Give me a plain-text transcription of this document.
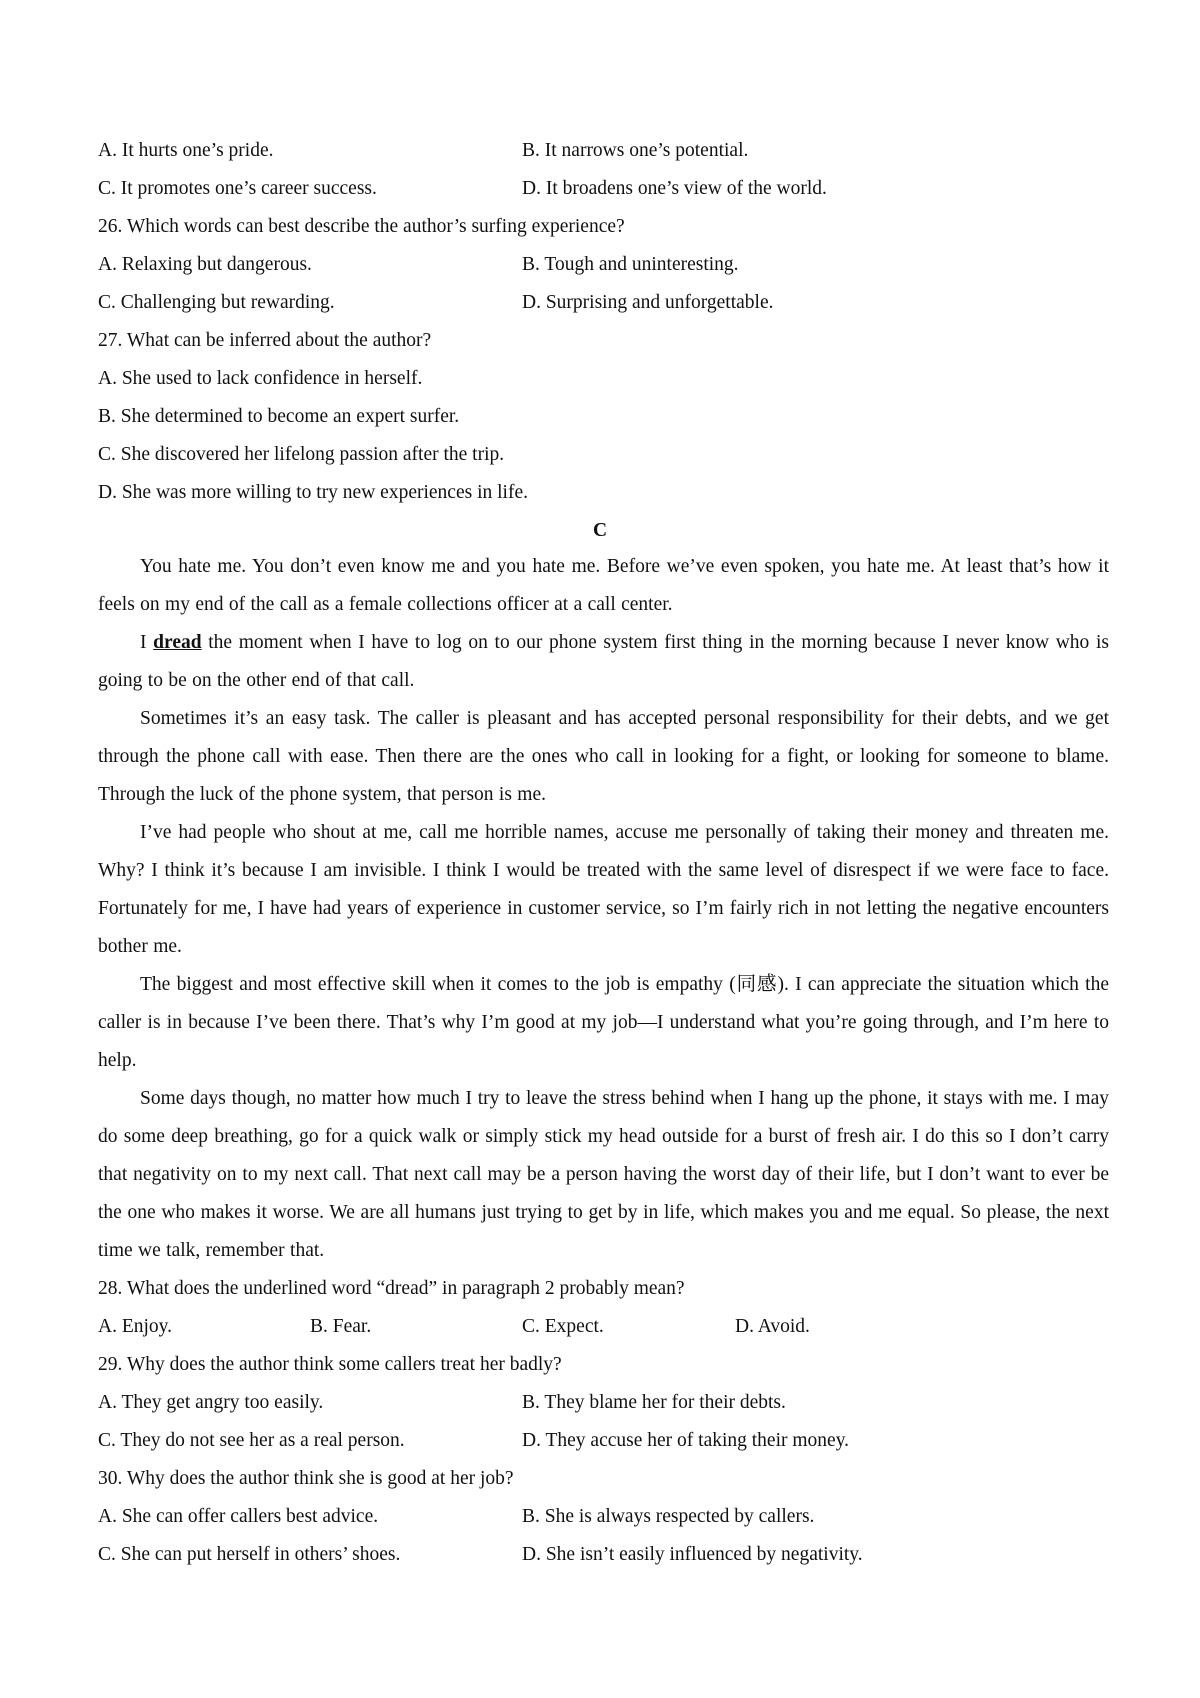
A. It hurts one’s pride.	B. It narrows one’s potential.
C. It promotes one’s career success.	D. It broadens one’s view of the world.
26. Which words can best describe the author’s surfing experience?
A. Relaxing but dangerous.	B. Tough and uninteresting.
C. Challenging but rewarding.	D. Surprising and unforgettable.
27. What can be inferred about the author?
A. She used to lack confidence in herself.
B. She determined to become an expert surfer.
C. She discovered her lifelong passion after the trip.
D. She was more willing to try new experiences in life.
C
You hate me. You don’t even know me and you hate me. Before we’ve even spoken, you hate me. At least that’s how it feels on my end of the call as a female collections officer at a call center.
I dread the moment when I have to log on to our phone system first thing in the morning because I never know who is going to be on the other end of that call.
Sometimes it’s an easy task. The caller is pleasant and has accepted personal responsibility for their debts, and we get through the phone call with ease. Then there are the ones who call in looking for a fight, or looking for someone to blame. Through the luck of the phone system, that person is me.
I’ve had people who shout at me, call me horrible names, accuse me personally of taking their money and threaten me. Why? I think it’s because I am invisible. I think I would be treated with the same level of disrespect if we were face to face. Fortunately for me, I have had years of experience in customer service, so I’m fairly rich in not letting the negative encounters bother me.
The biggest and most effective skill when it comes to the job is empathy (同感). I can appreciate the situation which the caller is in because I’ve been there. That’s why I’m good at my job—I understand what you’re going through, and I’m here to help.
Some days though, no matter how much I try to leave the stress behind when I hang up the phone, it stays with me. I may do some deep breathing, go for a quick walk or simply stick my head outside for a burst of fresh air. I do this so I don’t carry that negativity on to my next call. That next call may be a person having the worst day of their life, but I don’t want to ever be the one who makes it worse. We are all humans just trying to get by in life, which makes you and me equal. So please, the next time we talk, remember that.
28. What does the underlined word “dread” in paragraph 2 probably mean?
A. Enjoy.	B. Fear.	C. Expect.	D. Avoid.
29. Why does the author think some callers treat her badly?
A. They get angry too easily.	B. They blame her for their debts.
C. They do not see her as a real person.	D. They accuse her of taking their money.
30. Why does the author think she is good at her job?
A. She can offer callers best advice.	B. She is always respected by callers.
C. She can put herself in others’ shoes.	D. She isn’t easily influenced by negativity.
